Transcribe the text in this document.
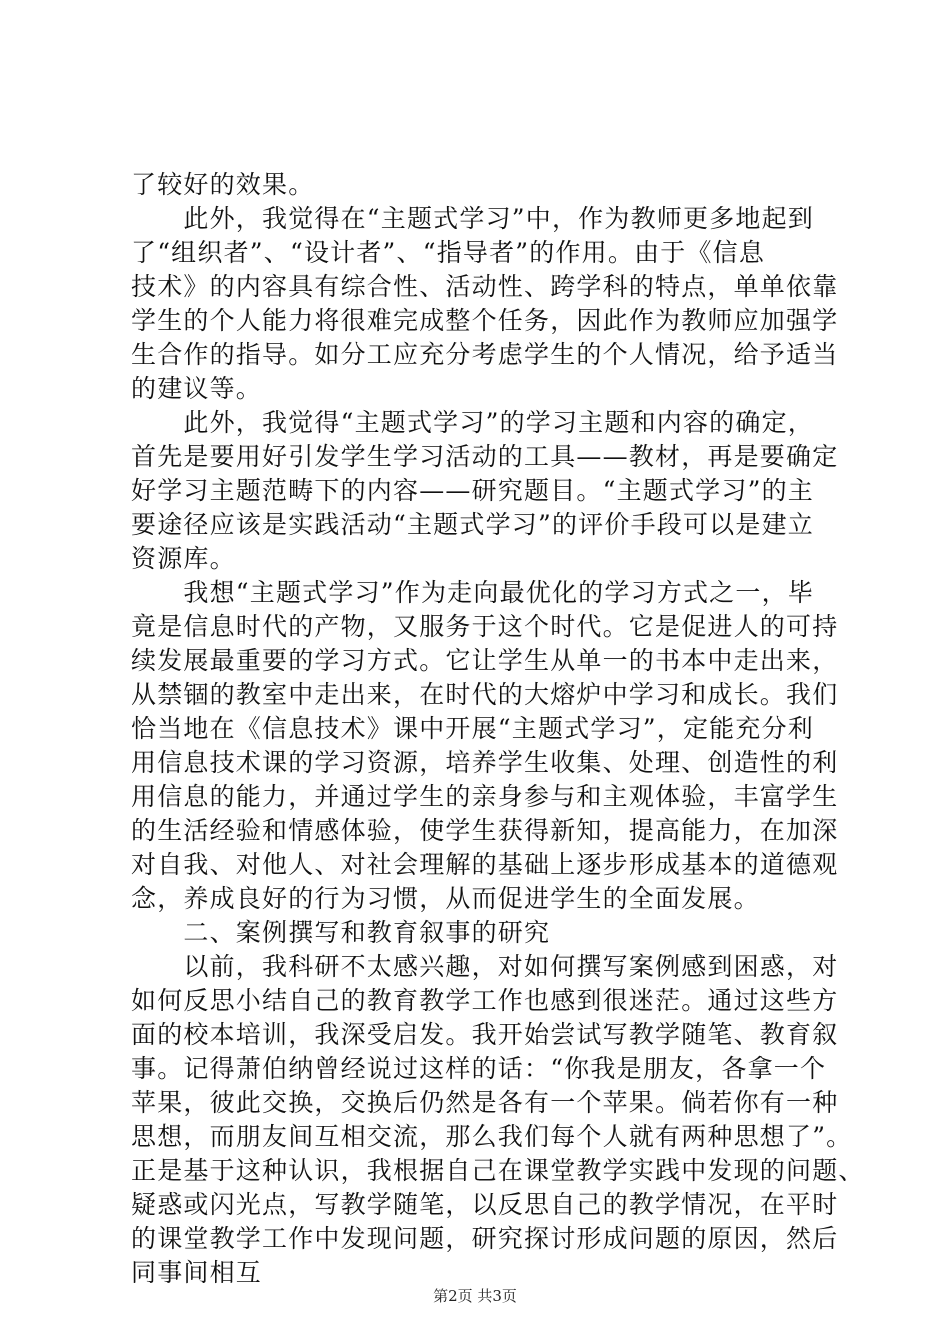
了较好的效果。
　　此外，我觉得在“主题式学习”中，作为教师更多地起到
了“组织者”、“设计者”、“指导者”的作用。由于《信息
技术》的内容具有综合性、活动性、跨学科的特点，单单依靠
学生的个人能力将很难完成整个任务，因此作为教师应加强学
生合作的指导。如分工应充分考虑学生的个人情况，给予适当
的建议等。
　　此外，我觉得“主题式学习”的学习主题和内容的确定，
首先是要用好引发学生学习活动的工具——教材，再是要确定
好学习主题范畴下的内容——研究题目。“主题式学习”的主
要途径应该是实践活动“主题式学习”的评价手段可以是建立
资源库。
　　我想“主题式学习”作为走向最优化的学习方式之一，毕
竟是信息时代的产物，又服务于这个时代。它是促进人的可持
续发展最重要的学习方式。它让学生从单一的书本中走出来，
从禁锢的教室中走出来，在时代的大熔炉中学习和成长。我们
恰当地在《信息技术》课中开展“主题式学习”，定能充分利
用信息技术课的学习资源，培养学生收集、处理、创造性的利
用信息的能力，并通过学生的亲身参与和主观体验，丰富学生
的生活经验和情感体验，使学生获得新知，提高能力，在加深
对自我、对他人、对社会理解的基础上逐步形成基本的道德观
念，养成良好的行为习惯，从而促进学生的全面发展。
　　二、案例撰写和教育叙事的研究
　　以前，我科研不太感兴趣，对如何撰写案例感到困惑，对
如何反思小结自己的教育教学工作也感到很迷茫。通过这些方
面的校本培训，我深受启发。我开始尝试写教学随笔、教育叙
事。记得萧伯纳曾经说过这样的话：“你我是朋友，各拿一个
苹果，彼此交换，交换后仍然是各有一个苹果。倘若你有一种
思想，而朋友间互相交流，那么我们每个人就有两种思想了”。
正是基于这种认识，我根据自己在课堂教学实践中发现的问题、
疑惑或闪光点，写教学随笔，以反思自己的教学情况，在平时
的课堂教学工作中发现问题，研究探讨形成问题的原因，然后
同事间相互
第2页 共3页
